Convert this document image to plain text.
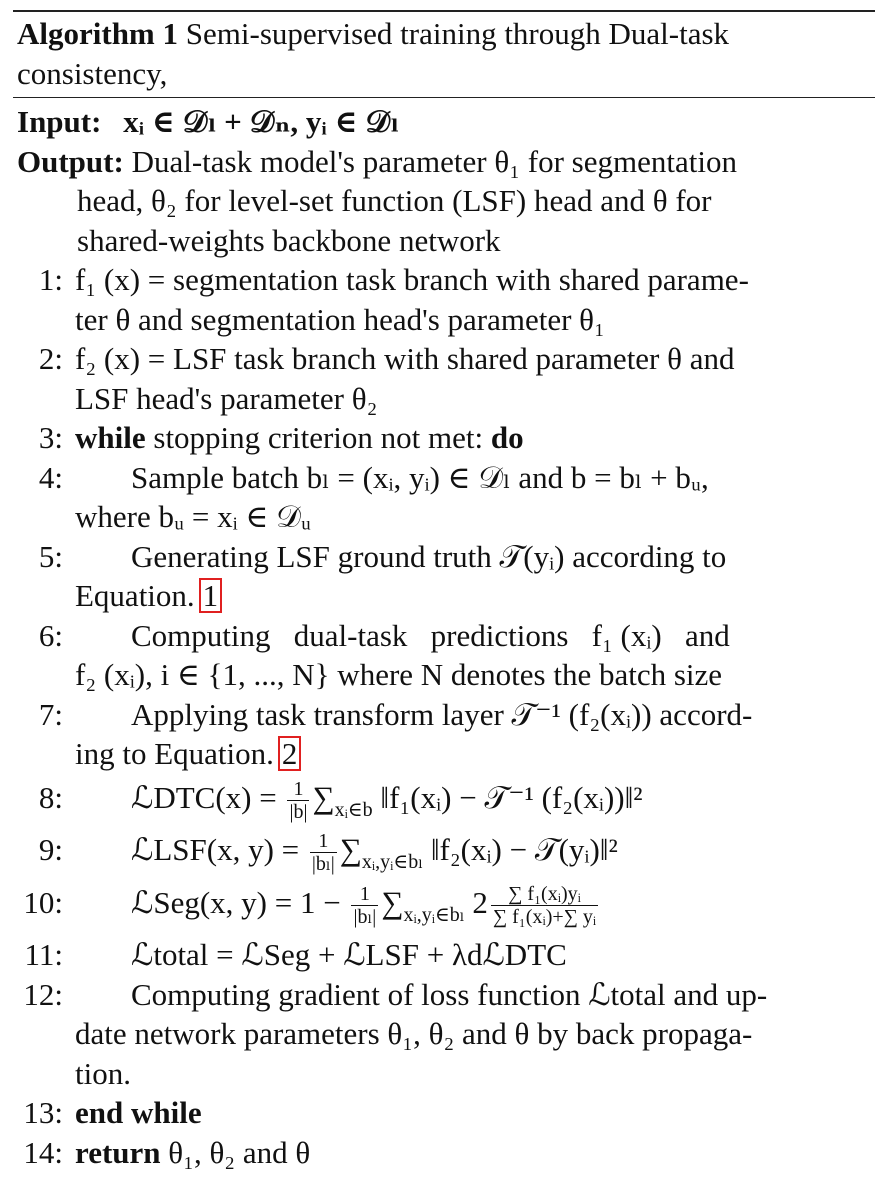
Algorithm 1 Semi-supervised training through Dual-task consistency,
Input: xᵢ ∈ 𝒟ₗ + 𝒟ₙ, yᵢ ∈ 𝒟ₗ
Output: Dual-task model's parameter θ₁ for segmentation
head, θ₂ for level-set function (LSF) head and θ for
shared-weights backbone network
1: f₁ (x) = segmentation task branch with shared parame-
ter θ and segmentation head's parameter θ₁
2: f₂ (x) = LSF task branch with shared parameter θ and
LSF head's parameter θ₂
3: while stopping criterion not met: do
4:	Sample batch bₗ = (xᵢ, yᵢ) ∈ 𝒟ₗ and b = bₗ + bᵤ,
where bᵤ = xᵢ ∈ 𝒟ᵤ
5:	Generating LSF ground truth 𝒯(yᵢ) according to
Equation. 1
6:	Computing   dual-task   predictions   f₁ (xᵢ)   and
f₂ (xᵢ), i ∈ {1, ..., N} where N denotes the batch size
7:	Applying task transform layer 𝒯⁻¹ (f₂(xᵢ)) accord-
ing to Equation. 2
8: ℒDTC(x) = $\frac{1}{|b|} \sum_{xᵢ\in b}$ ‖f₁(xᵢ) − 𝒯⁻¹ (f₂(xᵢ))‖²
9: ℒLSF(x, $y) = \frac{1}{\text{|bₗ|}} \sum_{xᵢ,yᵢ\in b_l}$ ‖f₂(xᵢ) − 𝒯(yᵢ)‖²
10: ℒSeg(x, $y) = 1 - \frac{1}{\text{|bₗ|}} \sum_{xᵢ,yᵢ\in b_l}$ $2 \frac{\text{∑ f₁(xᵢ)yᵢ}}{\text{∑ f₁(xᵢ)+∑ yᵢ}}$
11: ℒtotal = ℒSeg + ℒLSF + λdℒDTC
12:	Computing gradient of loss function ℒtotal and up-
date network parameters θ₁, θ₂ and θ by back propaga-
tion.
13: end while
14: return θ₁, θ₂ and θ
